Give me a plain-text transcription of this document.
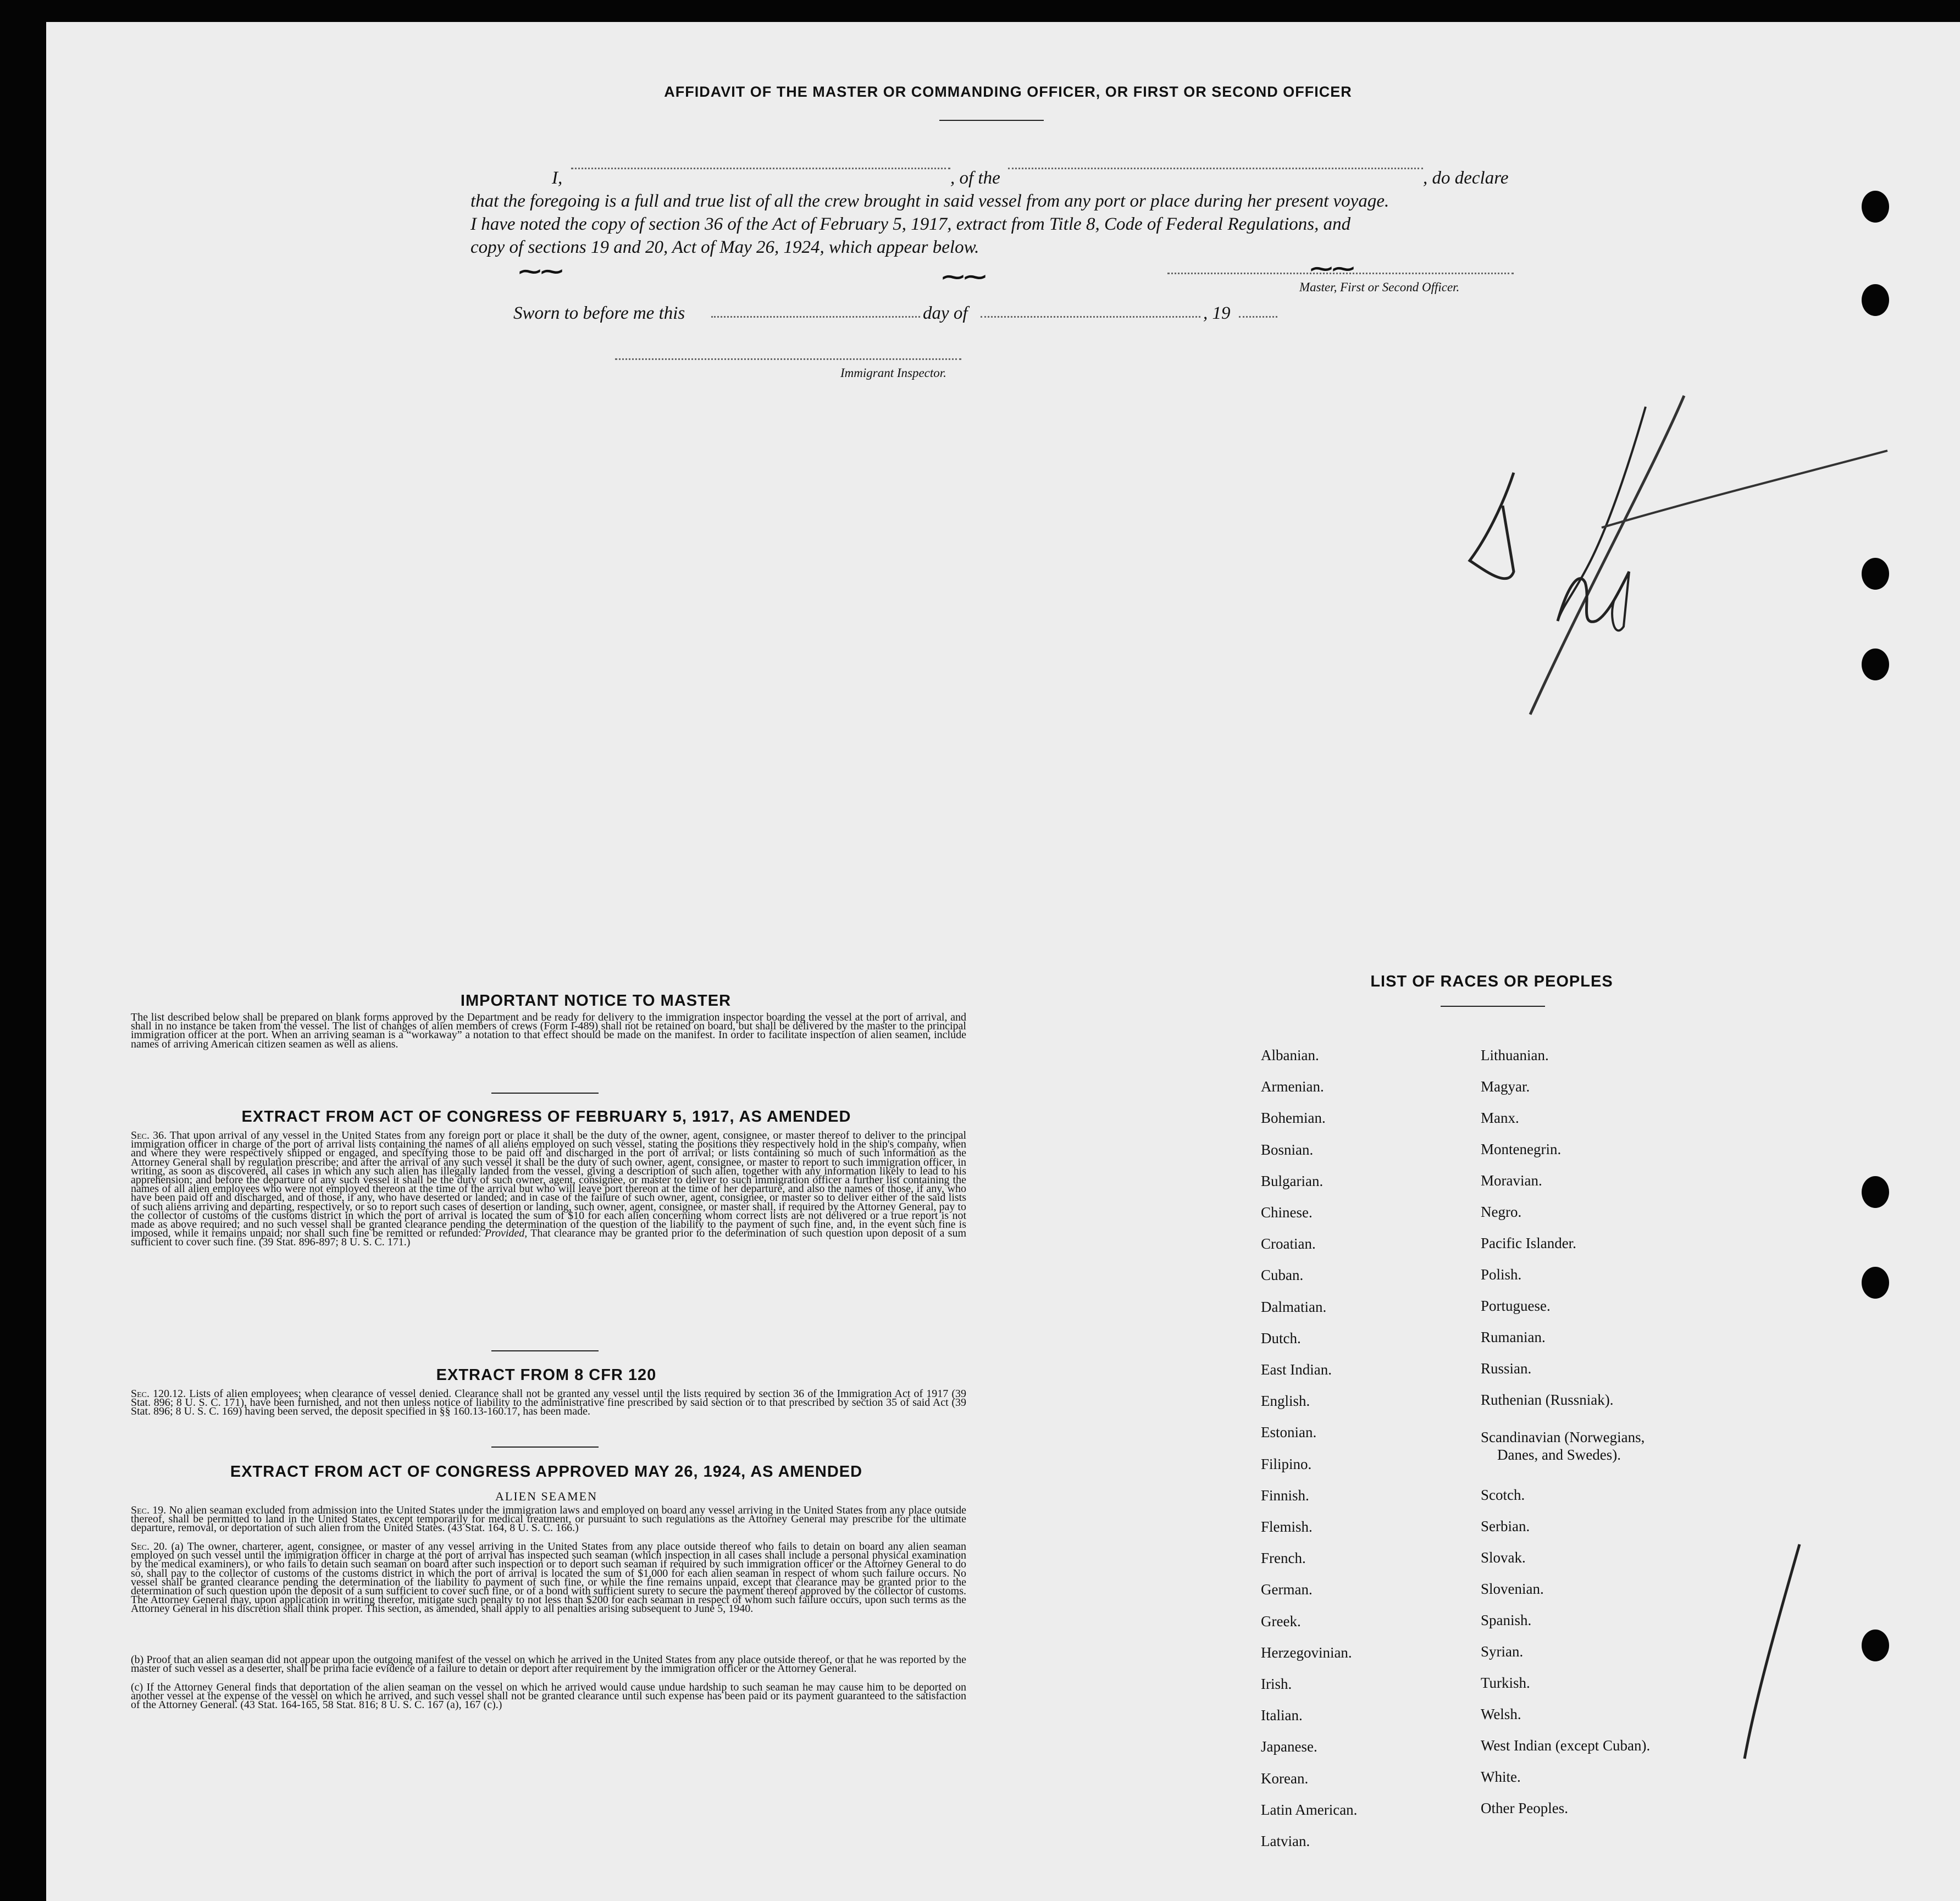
AFFIDAVIT OF THE MASTER OR COMMANDING OFFICER, OR FIRST OR SECOND OFFICER
I,	, of the	, do declare
that the foregoing is a full and true list of all the crew brought in said vessel from any port or place during her present voyage.
I have noted the copy of section 36 of the Act of February 5, 1917, extract from Title 8, Code of Federal Regulations, and
copy of sections 19 and 20, Act of May 26, 1924, which appear below.
⁓⁓	⁓⁓	⁓⁓
Master, First or Second Officer.
Sworn to before me this	day of	, 19
Immigrant Inspector.
IMPORTANT NOTICE TO MASTER
The list described below shall be prepared on blank forms approved by the Department and be ready for delivery to the immigration inspector boarding the vessel at the port of arrival, and shall in no instance be taken from the vessel. The list of changes of alien members of crews (Form I-489) shall not be retained on board, but shall be delivered by the master to the principal immigration officer at the port. When an arriving seaman is a “workaway” a notation to that effect should be made on the manifest. In order to facilitate inspection of alien seamen, include names of arriving American citizen seamen as well as aliens.
EXTRACT FROM ACT OF CONGRESS OF FEBRUARY 5, 1917, AS AMENDED
Sec. 36. That upon arrival of any vessel in the United States from any foreign port or place it shall be the duty of the owner, agent, consignee, or master thereof to deliver to the principal immigration officer in charge of the port of arrival lists containing the names of all aliens employed on such vessel, stating the positions they respectively hold in the ship's company, when and where they were respectively shipped or engaged, and specifying those to be paid off and discharged in the port of arrival; or lists containing so much of such information as the Attorney General shall by regulation prescribe; and after the arrival of any such vessel it shall be the duty of such owner, agent, consignee, or master to report to such immigration officer, in writing, as soon as discovered, all cases in which any such alien has illegally landed from the vessel, giving a description of such alien, together with any information likely to lead to his apprehension; and before the departure of any such vessel it shall be the duty of such owner, agent, consignee, or master to deliver to such immigration officer a further list containing the names of all alien employees who were not employed thereon at the time of the arrival but who will leave port thereon at the time of her departure, and also the names of those, if any, who have been paid off and discharged, and of those, if any, who have deserted or landed; and in case of the failure of such owner, agent, consignee, or master so to deliver either of the said lists of such aliens arriving and departing, respectively, or so to report such cases of desertion or landing, such owner, agent, consignee, or master shall, if required by the Attorney General, pay to the collector of customs of the customs district in which the port of arrival is located the sum of $10 for each alien concerning whom correct lists are not delivered or a true report is not made as above required; and no such vessel shall be granted clearance pending the determination of the question of the liability to the payment of such fine, and, in the event such fine is imposed, while it remains unpaid; nor shall such fine be remitted or refunded: Provided, That clearance may be granted prior to the determination of such question upon deposit of a sum sufficient to cover such fine. (39 Stat. 896-897; 8 U. S. C. 171.)
EXTRACT FROM 8 CFR 120
Sec. 120.12. Lists of alien employees; when clearance of vessel denied. Clearance shall not be granted any vessel until the lists required by section 36 of the Immigration Act of 1917 (39 Stat. 896; 8 U. S. C. 171), have been furnished, and not then unless notice of liability to the administrative fine prescribed by said section or to that prescribed by section 35 of said Act (39 Stat. 896; 8 U. S. C. 169) having been served, the deposit specified in §§ 160.13-160.17, has been made.
EXTRACT FROM ACT OF CONGRESS APPROVED MAY 26, 1924, AS AMENDED
ALIEN SEAMEN
Sec. 19. No alien seaman excluded from admission into the United States under the immigration laws and employed on board any vessel arriving in the United States from any place outside thereof, shall be permitted to land in the United States, except temporarily for medical treatment, or pursuant to such regulations as the Attorney General may prescribe for the ultimate departure, removal, or deportation of such alien from the United States. (43 Stat. 164, 8 U. S. C. 166.)
Sec. 20. (a) The owner, charterer, agent, consignee, or master of any vessel arriving in the United States from any place outside thereof who fails to detain on board any alien seaman employed on such vessel until the immigration officer in charge at the port of arrival has inspected such seaman (which inspection in all cases shall include a personal physical examination by the medical examiners), or who fails to detain such seaman on board after such inspection or to deport such seaman if required by such immigration officer or the Attorney General to do so, shall pay to the collector of customs of the customs district in which the port of arrival is located the sum of $1,000 for each alien seaman in respect of whom such failure occurs. No vessel shall be granted clearance pending the determination of the liability to payment of such fine, or while the fine remains unpaid, except that clearance may be granted prior to the determination of such question upon the deposit of a sum sufficient to cover such fine, or of a bond with sufficient surety to secure the payment thereof approved by the collector of customs. The Attorney General may, upon application in writing therefor, mitigate such penalty to not less than $200 for each seaman in respect of whom such failure occurs, upon such terms as the Attorney General in his discretion shall think proper. This section, as amended, shall apply to all penalties arising subsequent to June 5, 1940.
(b) Proof that an alien seaman did not appear upon the outgoing manifest of the vessel on which he arrived in the United States from any place outside thereof, or that he was reported by the master of such vessel as a deserter, shall be prima facie evidence of a failure to detain or deport after requirement by the immigration officer or the Attorney General.
(c) If the Attorney General finds that deportation of the alien seaman on the vessel on which he arrived would cause undue hardship to such seaman he may cause him to be deported on another vessel at the expense of the vessel on which he arrived, and such vessel shall not be granted clearance until such expense has been paid or its payment guaranteed to the satisfaction of the Attorney General. (43 Stat. 164-165, 58 Stat. 816; 8 U. S. C. 167 (a), 167 (c).)
LIST OF RACES OR PEOPLES
Albanian.
Armenian.
Bohemian.
Bosnian.
Bulgarian.
Chinese.
Croatian.
Cuban.
Dalmatian.
Dutch.
East Indian.
English.
Estonian.
Filipino.
Finnish.
Flemish.
French.
German.
Greek.
Herzegovinian.
Irish.
Italian.
Japanese.
Korean.
Latin American.
Latvian.
Lithuanian.
Magyar.
Manx.
Montenegrin.
Moravian.
Negro.
Pacific Islander.
Polish.
Portuguese.
Rumanian.
Russian.
Ruthenian (Russniak).
Scandinavian (Norwegians,
Danes, and Swedes).
Scotch.
Serbian.
Slovak.
Slovenian.
Spanish.
Syrian.
Turkish.
Welsh.
West Indian (except Cuban).
White.
Other Peoples.
